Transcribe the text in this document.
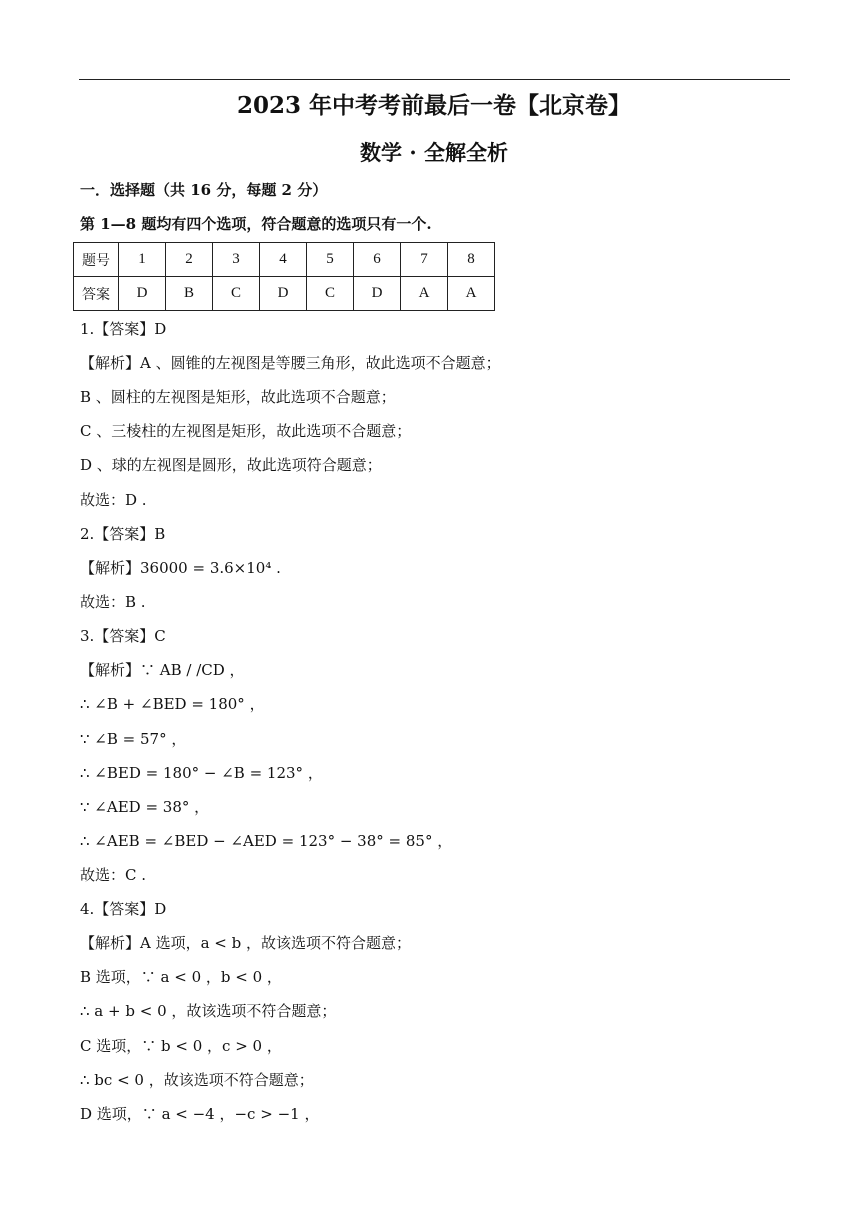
2023 年中考考前最后一卷【北京卷】
数学 · 全解全析
一．选择题（共 16 分，每题 2 分）
第 1—8 题均有四个选项，符合题意的选项只有一个.
题号	1	2	3	4	5	6	7	8
答案	D	B	C	D	C	D	A	A
1.【答案】D
【解析】A 、圆锥的左视图是等腰三角形，故此选项不合题意；
B 、圆柱的左视图是矩形，故此选项不合题意；
C 、三棱柱的左视图是矩形，故此选项不合题意；
D 、球的左视图是圆形，故此选项符合题意；
故选：D .
2.【答案】B
【解析】36000 = 3.6×10⁴ .
故选：B .
3.【答案】C
【解析】∵ AB / /CD ，
∴ ∠B + ∠BED = 180° ，
∵ ∠B = 57° ，
∴ ∠BED = 180° − ∠B = 123° ，
∵ ∠AED = 38° ，
∴ ∠AEB = ∠BED − ∠AED = 123° − 38° = 85° ，
故选：C .
4.【答案】D
【解析】A 选项，a < b ，故该选项不符合题意；
B 选项，∵ a < 0 ，b < 0 ，
∴ a + b < 0 ，故该选项不符合题意；
C 选项，∵ b < 0 ，c > 0 ，
∴ bc < 0 ，故该选项不符合题意；
D 选项，∵ a < −4 ，−c > −1 ，
